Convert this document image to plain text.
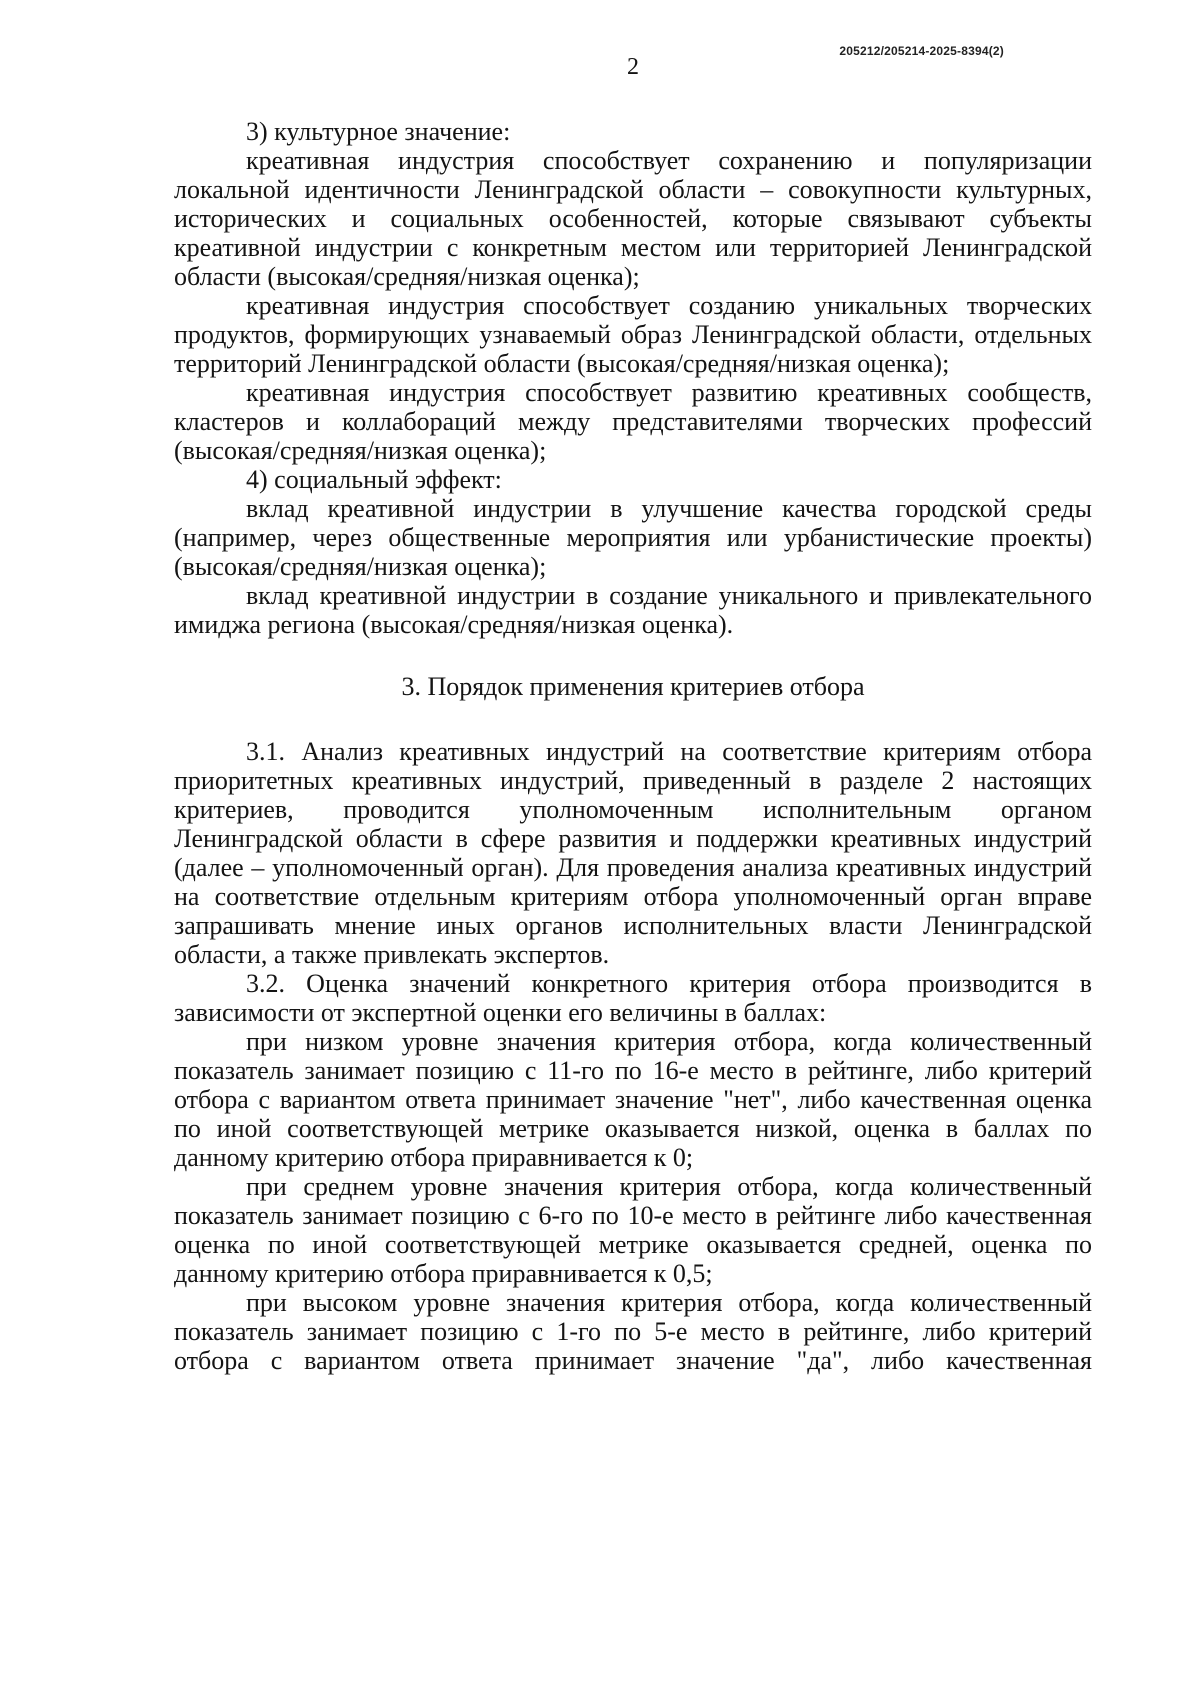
205212/205214-2025-8394(2)
2

3) культурное значение:

креативная индустрия способствует сохранению и популяризации локальной идентичности Ленинградской области – совокупности культурных, исторических и социальных особенностей, которые связывают субъекты креативной индустрии с конкретным местом или территорией Ленинградской области (высокая/средняя/низкая оценка);

креативная индустрия способствует созданию уникальных творческих продуктов, формирующих узнаваемый образ Ленинградской области, отдельных территорий Ленинградской области (высокая/средняя/низкая оценка);

креативная индустрия способствует развитию креативных сообществ, кластеров и коллабораций между представителями творческих профессий (высокая/средняя/низкая оценка);

4) социальный эффект:

вклад креативной индустрии в улучшение качества городской среды (например, через общественные мероприятия или урбанистические проекты) (высокая/средняя/низкая оценка);

вклад креативной индустрии в создание уникального и привлекательного имиджа региона (высокая/средняя/низкая оценка).

3. Порядок применения критериев отбора

3.1. Анализ креативных индустрий на соответствие критериям отбора приоритетных креативных индустрий, приведенный в разделе 2 настоящих критериев, проводится уполномоченным исполнительным органом Ленинградской области в сфере развития и поддержки креативных индустрий (далее – уполномоченный орган). Для проведения анализа креативных индустрий на соответствие отдельным критериям отбора уполномоченный орган вправе запрашивать мнение иных органов исполнительных власти Ленинградской области, а также привлекать экспертов.

3.2. Оценка значений конкретного критерия отбора производится в зависимости от экспертной оценки его величины в баллах:

при низком уровне значения критерия отбора, когда количественный показатель занимает позицию с 11-го по 16-е место в рейтинге, либо критерий отбора с вариантом ответа принимает значение "нет", либо качественная оценка по иной соответствующей метрике оказывается низкой, оценка в баллах по данному критерию отбора приравнивается к 0;

при среднем уровне значения критерия отбора, когда количественный показатель занимает позицию с 6-го по 10-е место в рейтинге либо качественная оценка по иной соответствующей метрике оказывается средней, оценка по данному критерию отбора приравнивается к 0,5;

при высоком уровне значения критерия отбора, когда количественный показатель занимает позицию с 1-го по 5-е место в рейтинге, либо критерий отбора с вариантом ответа принимает значение "да", либо качественная
